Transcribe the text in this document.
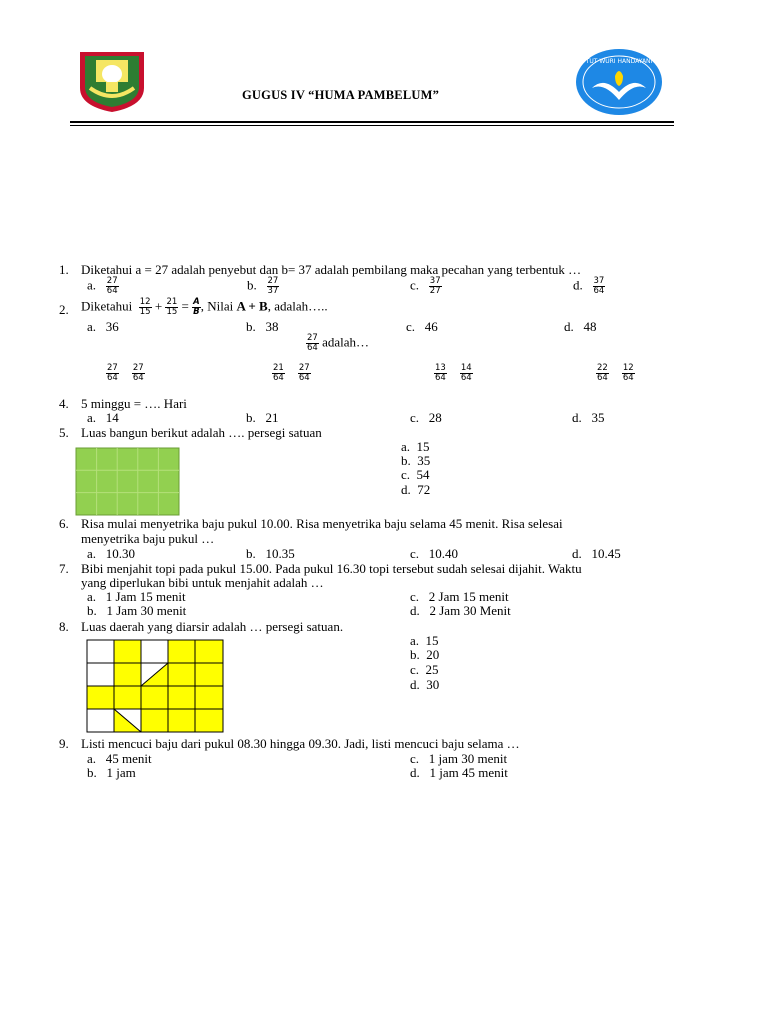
GUGUS IV “HUMA PAMBELUM”
TUT WURI HANDAYANI
1. Diketahui a = 27 adalah penyebut dan b= 37 adalah pembilang maka pecahan yang terbentuk …
a. $\frac{27}{64}$	b. $\frac{27}{37}$	c. $\frac{37}{27}$	d. $\frac{37}{64}$
2. Diketahui $\frac{12}{15} + \frac{21}{15} = \frac{A}{B}$ , Nilai A + B, adalah…..
a. 36	b. 38	c. 46	d. 48
$\frac{27}{64}$ adalah…
$\frac{27}{64}$
$\frac{27}{64}$	$\frac{21}{64}$
$\frac{27}{64}$	$\frac{13}{64}$
$\frac{14}{64}$	$\frac{22}{64}$
$\frac{12}{64}$
4. 5 minggu = …. Hari
a. 14	b. 21	c. 28	d. 35
5. Luas bangun berikut adalah …. persegi satuan
a. 15
b. 35
c. 54
d. 72
6. Risa mulai menyetrika baju pukul 10.00. Risa menyetrika baju selama 45 menit. Risa selesai
menyetrika baju pukul …
a. 10.30	b. 10.35	c. 10.40	d. 10.45
7. Bibi menjahit topi pada pukul 15.00. Pada pukul 16.30 topi tersebut sudah selesai dijahit. Waktu
yang diperlukan bibi untuk menjahit adalah …
a. 1 Jam 15 menit
b. 1 Jam 30 menit
c. 2 Jam 15 menit
d. 2 Jam 30 Menit
8. Luas daerah yang diarsir adalah … persegi satuan.
a. 15
b. 20
c. 25
d. 30
9. Listi mencuci baju dari pukul 08.30 hingga 09.30. Jadi, listi mencuci baju selama …
a. 45 menit
b. 1 jam
c. 1 jam 30 menit
d. 1 jam 45 menit
